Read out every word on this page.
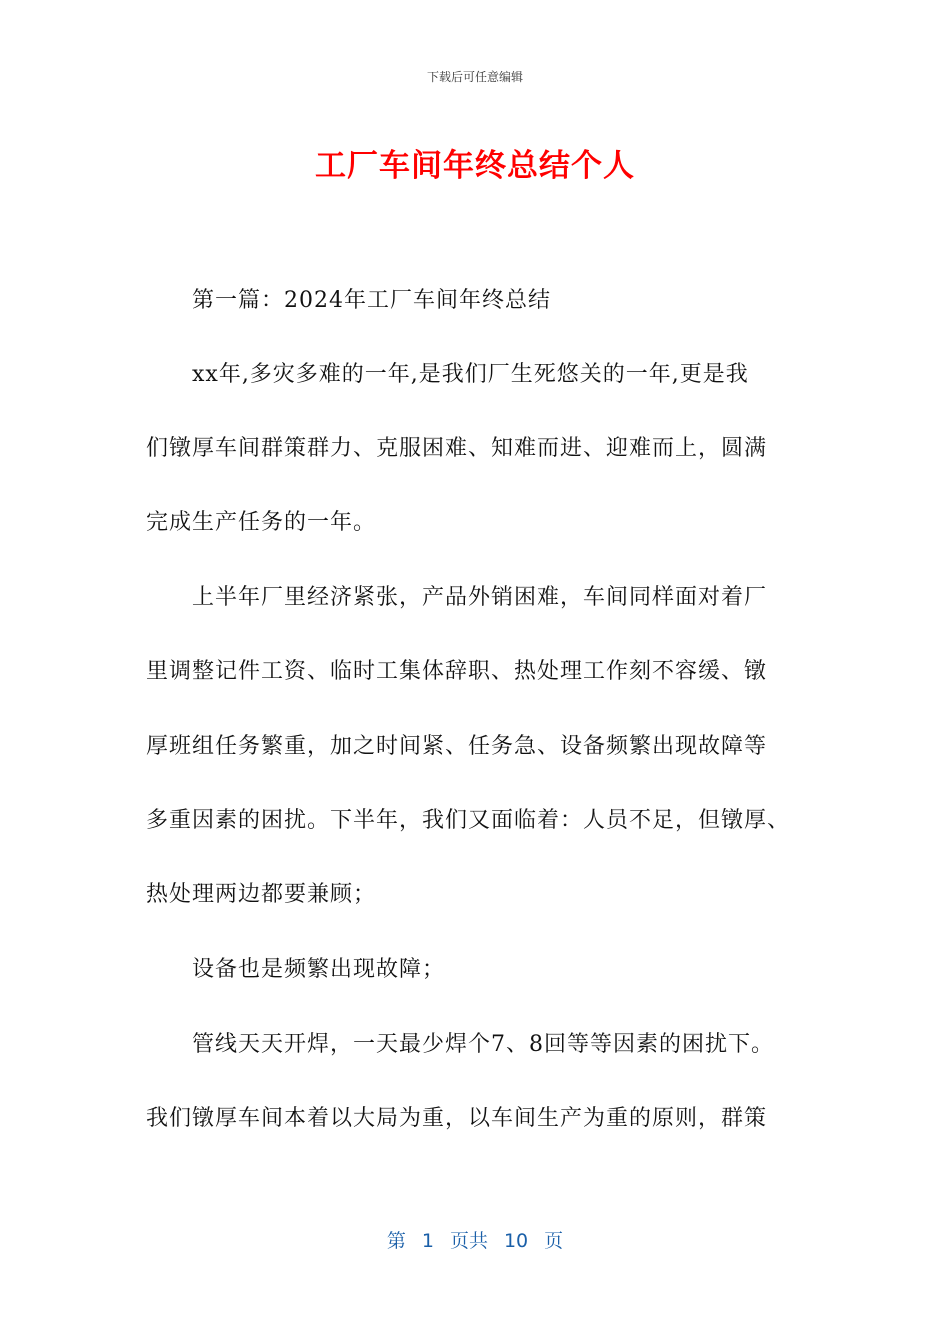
下载后可任意编辑
工厂车间年终总结个人
第一篇：2024年工厂车间年终总结
xx年,多灾多难的一年,是我们厂生死悠关的一年,更是我
们镦厚车间群策群力、克服困难、知难而进、迎难而上，圆满
完成生产任务的一年。
上半年厂里经济紧张，产品外销困难，车间同样面对着厂
里调整记件工资、临时工集体辞职、热处理工作刻不容缓、镦
厚班组任务繁重，加之时间紧、任务急、设备频繁出现故障等
多重因素的困扰。下半年，我们又面临着：人员不足，但镦厚、
热处理两边都要兼顾；
设备也是频繁出现故障；
管线天天开焊，一天最少焊个7、8回等等因素的困扰下。
我们镦厚车间本着以大局为重，以车间生产为重的原则，群策
第 1 页共 10 页
